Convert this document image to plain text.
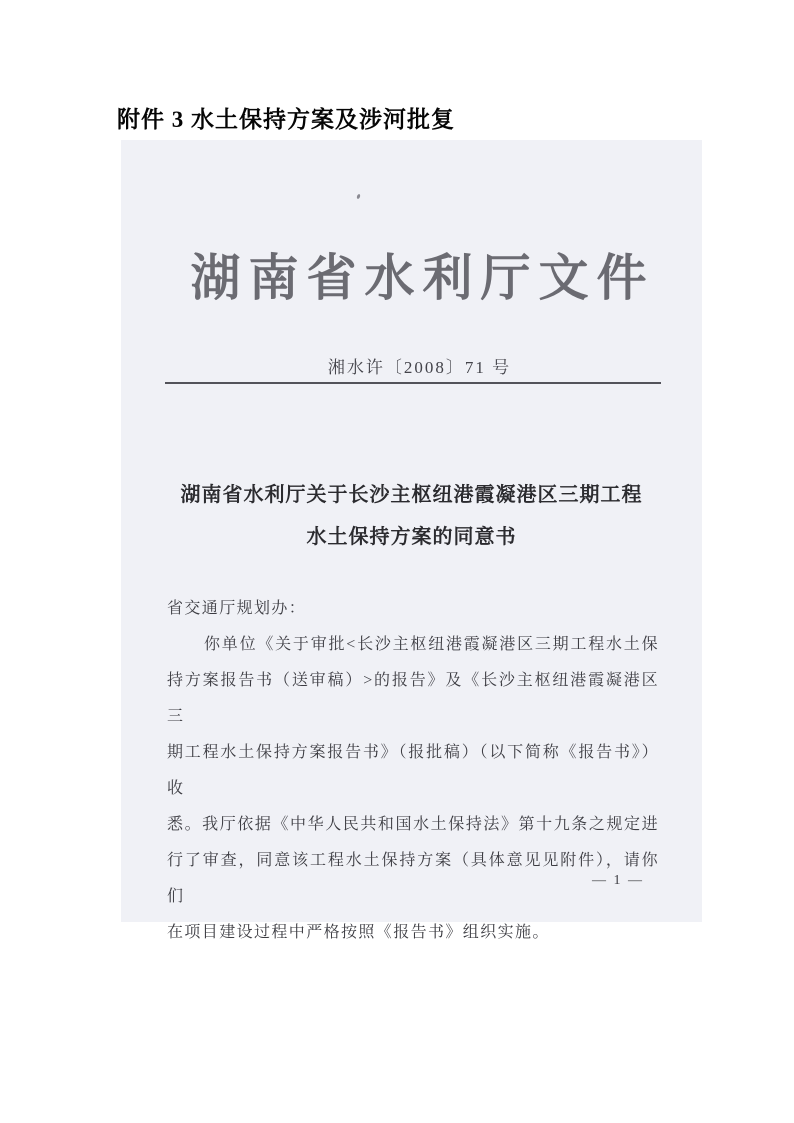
附件 3 水土保持方案及涉河批复
湖南省水利厅文件
湘水许〔2008〕71 号
湖南省水利厅关于长沙主枢纽港霞凝港区三期工程
水土保持方案的同意书
省交通厅规划办：
你单位《关于审批<长沙主枢纽港霞凝港区三期工程水土保
持方案报告书（送审稿）>的报告》及《长沙主枢纽港霞凝港区三
期工程水土保持方案报告书》（报批稿）（以下简称《报告书》）收
悉。我厅依据《中华人民共和国水土保持法》第十九条之规定进
行了审查，同意该工程水土保持方案（具体意见见附件），请你们
在项目建设过程中严格按照《报告书》组织实施。
— 1 —
